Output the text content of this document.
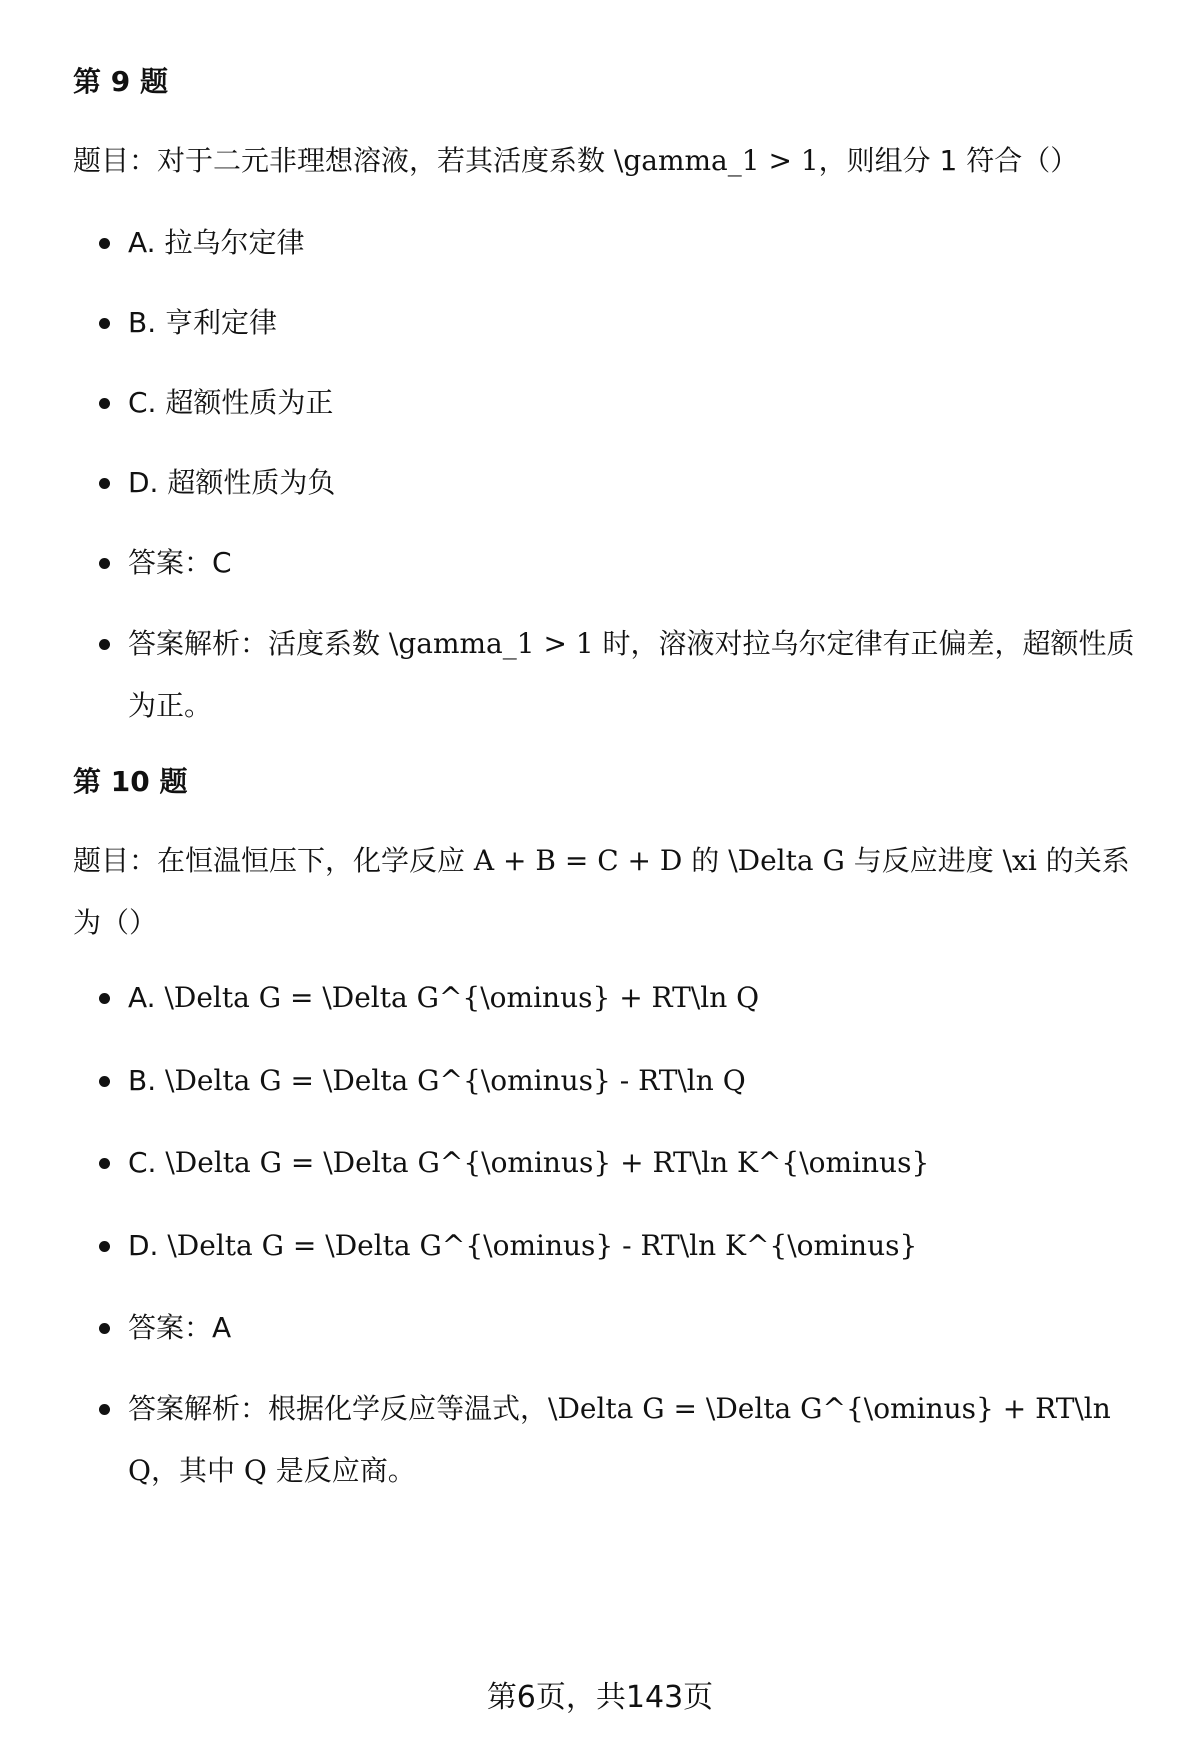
第 9 题

题目：对于二元非理想溶液，若其活度系数 \gamma_1 > 1，则组分 1 符合（）

A. 拉乌尔定律
B. 亨利定律
C. 超额性质为正
D. 超额性质为负
答案：C
答案解析：活度系数 \gamma_1 > 1 时，溶液对拉乌尔定律有正偏差，超额性质为正。
第 10 题

题目：在恒温恒压下，化学反应 A + B = C + D 的 \Delta G 与反应进度 \xi 的关系为（）

A. \Delta G = \Delta G^{\ominus} + RT\ln Q
B. \Delta G = \Delta G^{\ominus} - RT\ln Q
C. \Delta G = \Delta G^{\ominus} + RT\ln K^{\ominus}
D. \Delta G = \Delta G^{\ominus} - RT\ln K^{\ominus}
答案：A
答案解析：根据化学反应等温式，\Delta G = \Delta G^{\ominus} + RT\ln Q，其中 Q 是反应商。
第6页，共143页
